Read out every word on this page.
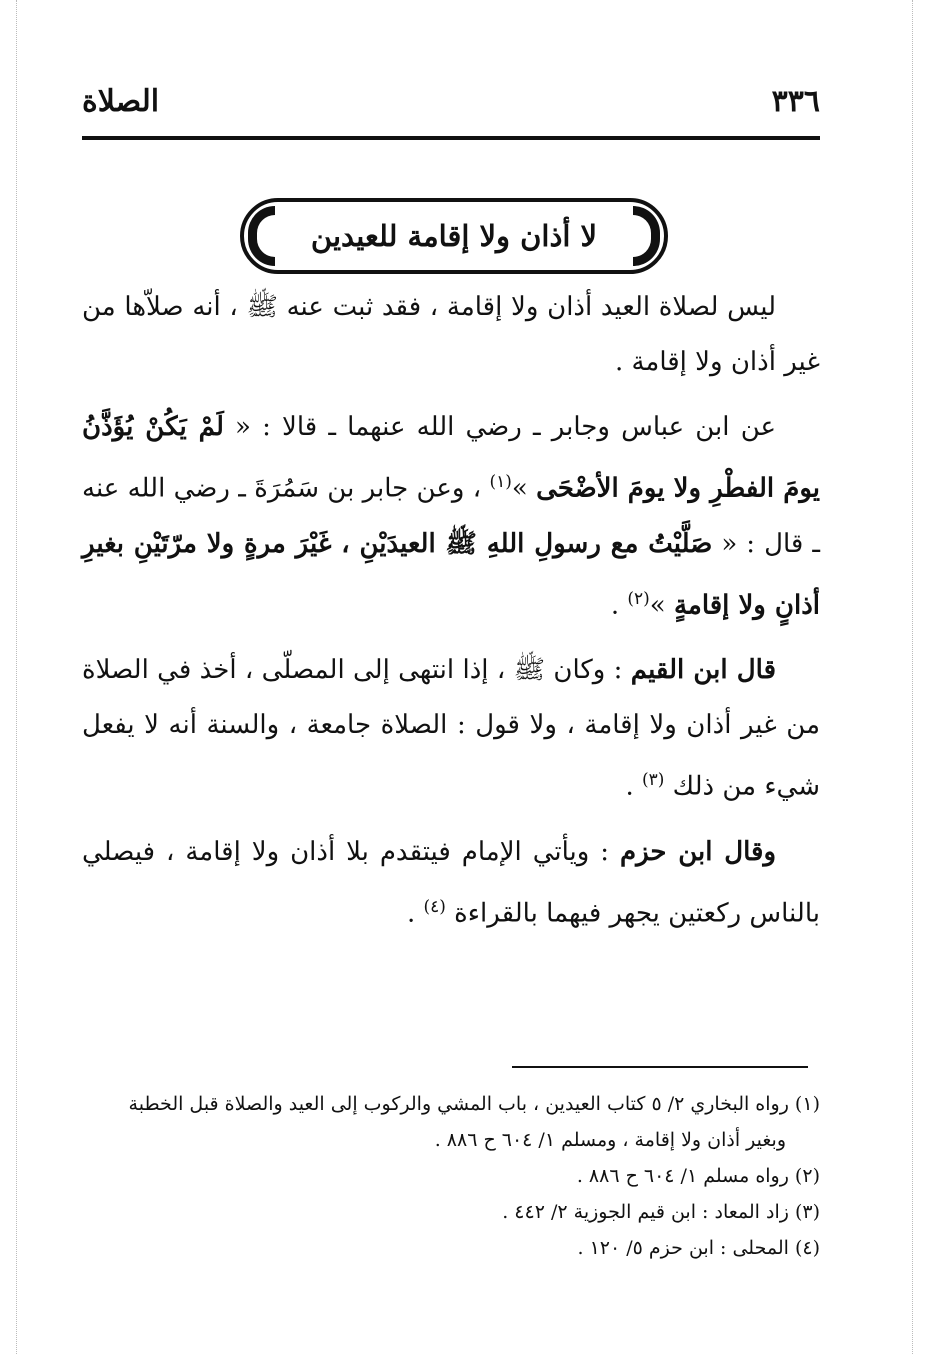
٣٣٦
الصلاة
لا أذان ولا إقامة للعيدين

ليس لصلاة العيد أذان ولا إقامة ، فقد ثبت عنه ﷺ ، أنه صلاّها من غير أذان ولا إقامة .

عن ابن عباس وجابر ـ رضي الله عنهما ـ قالا : « لَمْ يَكُنْ يُؤَذَّنُ يومَ الفطْرِ ولا يومَ الأضْحَى »$^{(١)}$ ، وعن جابر بن سَمُرَةَ ـ رضي الله عنه ـ قال : « صَلَّيْتُ مع رسولِ اللهِ ﷺ العيدَيْنِ ، غَيْرَ مرةٍ ولا مرّتَيْنِ بغيرِ أذانٍ ولا إقامةٍ »$^{(٢)}$ .

قال ابن القيم : وكان ﷺ ، إذا انتهى إلى المصلّى ، أخذ في الصلاة من غير أذان ولا إقامة ، ولا قول : الصلاة جامعة ، والسنة أنه لا يفعل شيء من ذلك $^{(٣)}$ .

وقال ابن حزم : ويأتي الإمام فيتقدم بلا أذان ولا إقامة ، فيصلي بالناس ركعتين يجهر فيهما بالقراءة $^{(٤)}$ .

(١) رواه البخاري ٢/ ٥ كتاب العيدين ، باب المشي والركوب إلى العيد والصلاة قبل الخطبة
وبغير أذان ولا إقامة ، ومسلم ١/ ٦٠٤ ح ٨٨٦ .
(٢) رواه مسلم ١/ ٦٠٤ ح ٨٨٦ .
(٣) زاد المعاد : ابن قيم الجوزية ٢/ ٤٤٢ .
(٤) المحلى : ابن حزم ٥/ ١٢٠ .
